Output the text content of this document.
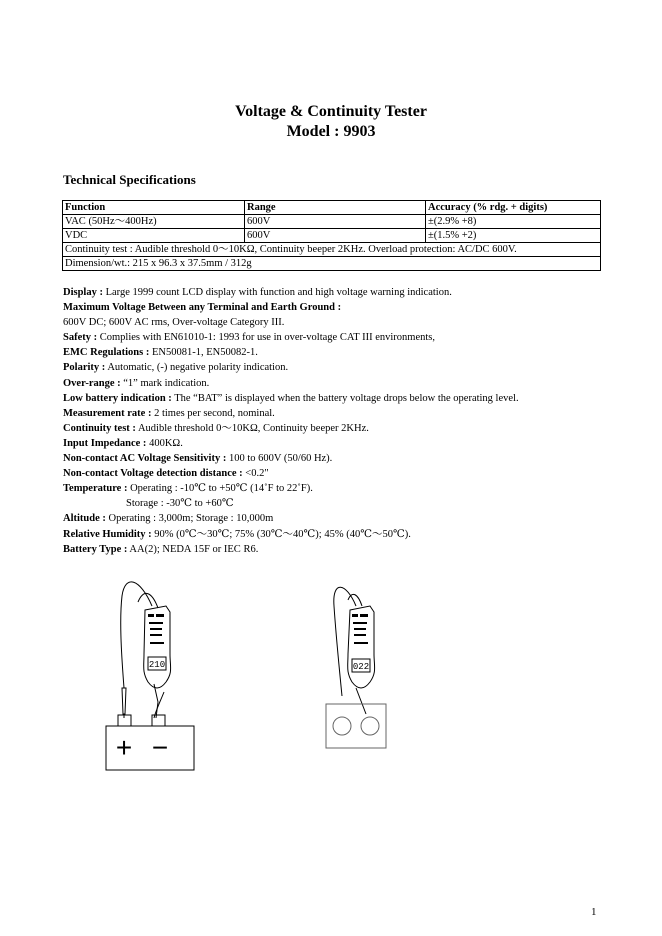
Voltage & Continuity Tester
Model : 9903
Technical Specifications
Function	Range	Accuracy (% rdg. + digits)
VAC (50Hz～400Hz)	600V	±(2.9% +8)
VDC	600V	±(1.5% +2)
Continuity test : Audible threshold 0～10KΩ, Continuity beeper 2KHz. Overload protection: AC/DC 600V.		
Dimension/wt.: 215 x 96.3 x 37.5mm / 312g		
Display : Large 1999 count LCD display with function and high voltage warning indication.
Maximum Voltage Between any Terminal and Earth Ground :
600V DC; 600V AC rms, Over-voltage Category III.
Safety : Complies with EN61010-1: 1993 for use in over-voltage CAT III environments,
EMC Regulations : EN50081-1, EN50082-1.
Polarity : Automatic, (-) negative polarity indication.
Over-range : “1” mark indication.
Low battery indication : The “BAT” is displayed when the battery voltage drops below the operating level.
Measurement rate : 2 times per second, nominal.
Continuity test : Audible threshold 0～10KΩ, Continuity beeper 2KHz.
Input Impedance : 400KΩ.
Non-contact AC Voltage Sensitivity : 100 to 600V (50/60 Hz).
Non-contact Voltage detection distance : <0.2"
Temperature : Operating : -10℃ to +50℃ (14˚F to 22˚F).
Storage : -30℃ to +60℃
Altitude : Operating : 3,000m; Storage : 10,000m
Relative Humidity : 90% (0℃～30℃; 75% (30℃～40℃); 45% (40℃～50℃).
Battery Type : AA(2); NEDA 15F or IEC R6.
210
+ −
022
1
